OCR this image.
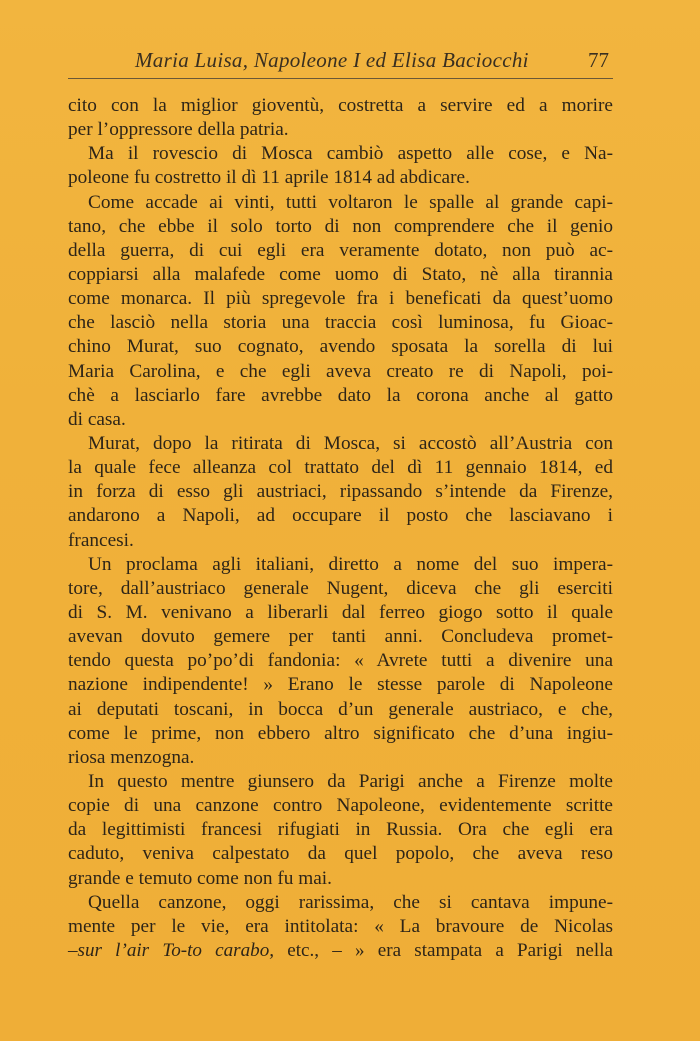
Maria Luisa, Napoleone I ed Elisa Baciocchi	77
cito con la miglior gioventù, costretta a servire ed a morire
per l’oppressore della patria.
Ma il rovescio di Mosca cambiò aspetto alle cose, e Na-
poleone fu costretto il dì 11 aprile 1814 ad abdicare.
Come accade ai vinti, tutti voltaron le spalle al grande capi-
tano, che ebbe il solo torto di non comprendere che il genio
della guerra, di cui egli era veramente dotato, non può ac-
coppiarsi alla malafede come uomo di Stato, nè alla tirannia
come monarca. Il più spregevole fra i beneficati da quest’uomo
che lasciò nella storia una traccia così luminosa, fu Gioac-
chino Murat, suo cognato, avendo sposata la sorella di lui
Maria Carolina, e che egli aveva creato re di Napoli, poi-
chè a lasciarlo fare avrebbe dato la corona anche al gatto
di casa.
Murat, dopo la ritirata di Mosca, si accostò all’Austria con
la quale fece alleanza col trattato del dì 11 gennaio 1814, ed
in forza di esso gli austriaci, ripassando s’intende da Firenze,
andarono a Napoli, ad occupare il posto che lasciavano i
francesi.
Un proclama agli italiani, diretto a nome del suo impera-
tore, dall’austriaco generale Nugent, diceva che gli eserciti
di S. M. venivano a liberarli dal ferreo giogo sotto il quale
avevan dovuto gemere per tanti anni. Concludeva promet-
tendo questa po’po’di fandonia: « Avrete tutti a divenire una
nazione indipendente! » Erano le stesse parole di Napoleone
ai deputati toscani, in bocca d’un generale austriaco, e che,
come le prime, non ebbero altro significato che d’una ingiu-
riosa menzogna.
In questo mentre giunsero da Parigi anche a Firenze molte
copie di una canzone contro Napoleone, evidentemente scritte
da legittimisti francesi rifugiati in Russia. Ora che egli era
caduto, veniva calpestato da quel popolo, che aveva reso
grande e temuto come non fu mai.
Quella canzone, oggi rarissima, che si cantava impune-
mente per le vie, era intitolata: « La bravoure de Nicolas
–sur l’air To-to carabo, etc., – » era stampata a Parigi nella
